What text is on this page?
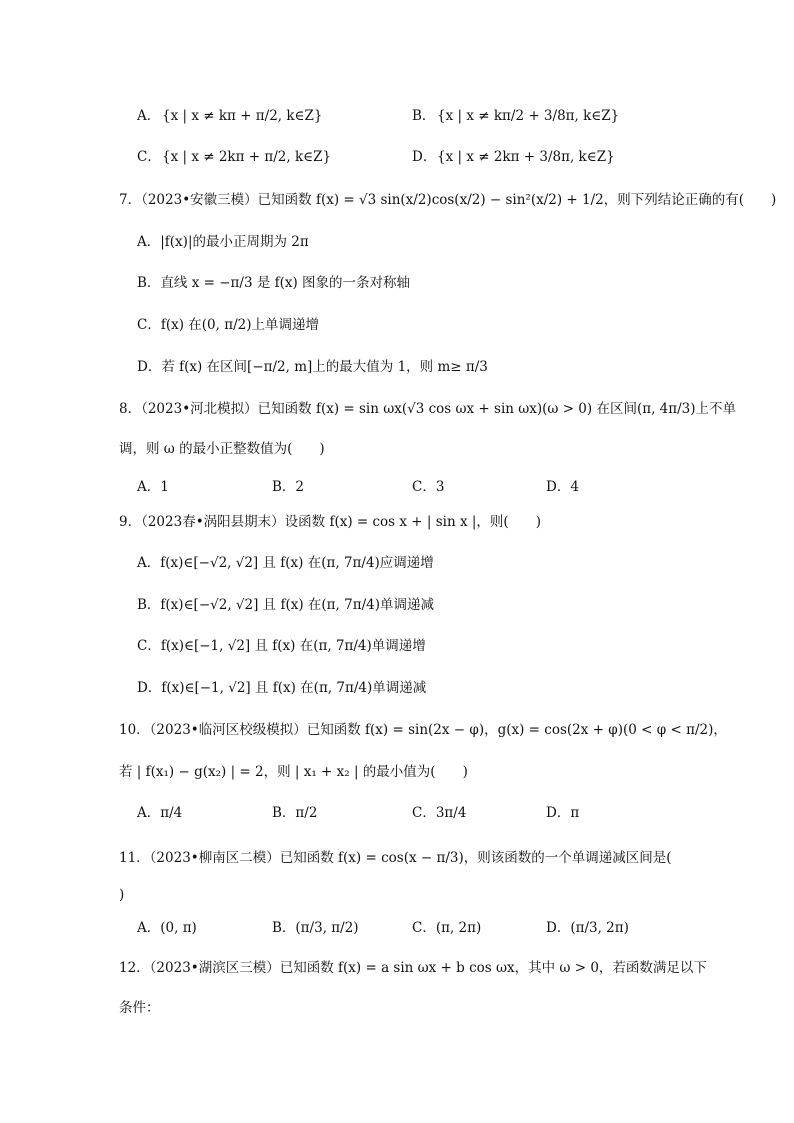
A． {x | x ≠ kπ + π/2, k∈Z}	B． {x | x ≠ kπ/2 + 3/8π, k∈Z}
C． {x | x ≠ 2kπ + π/2, k∈Z}	D． {x | x ≠ 2kπ + 3/8π, k∈Z}
7．（2023•安徽三模）已知函数 f(x) = √3 sin(x/2)cos(x/2) − sin²(x/2) + 1/2，则下列结论正确的有(　　)
A．|f(x)|的最小正周期为 2π
B．直线 x = −π/3 是 f(x) 图象的一条对称轴
C．f(x) 在(0, π/2)上单调递增
D．若 f(x) 在区间[−π/2, m]上的最大值为 1，则 m≥ π/3
8．（2023•河北模拟）已知函数 f(x) = sin ωx(√3 cos ωx + sin ωx)(ω > 0) 在区间(π, 4π/3)上不单
调，则 ω 的最小正整数值为(　　)
A．1	B．2	C．3	D．4
9．（2023春•涡阳县期末）设函数 f(x) = cos x + | sin x |，则(　　)
A．f(x)∈[−√2, √2] 且 f(x) 在(π, 7π/4)应调递增
B．f(x)∈[−√2, √2] 且 f(x) 在(π, 7π/4)单调递减
C．f(x)∈[−1, √2] 且 f(x) 在(π, 7π/4)单调递增
D．f(x)∈[−1, √2] 且 f(x) 在(π, 7π/4)单调递减
10．（2023•临河区校级模拟）已知函数 f(x) = sin(2x − φ)，g(x) = cos(2x + φ)(0 < φ < π/2)，
若 | f(x₁) − g(x₂) | = 2，则 | x₁ + x₂ | 的最小值为(　　)
A．π/4	B．π/2	C．3π/4	D．π
11．（2023•柳南区二模）已知函数 f(x) = cos(x − π/3)，则该函数的一个单调递减区间是(
)
A．(0, π)	B．(π/3, π/2)	C．(π, 2π)	D．(π/3, 2π)
12．（2023•湖滨区三模）已知函数 f(x) = a sin ωx + b cos ωx，其中 ω > 0，若函数满足以下
条件：
